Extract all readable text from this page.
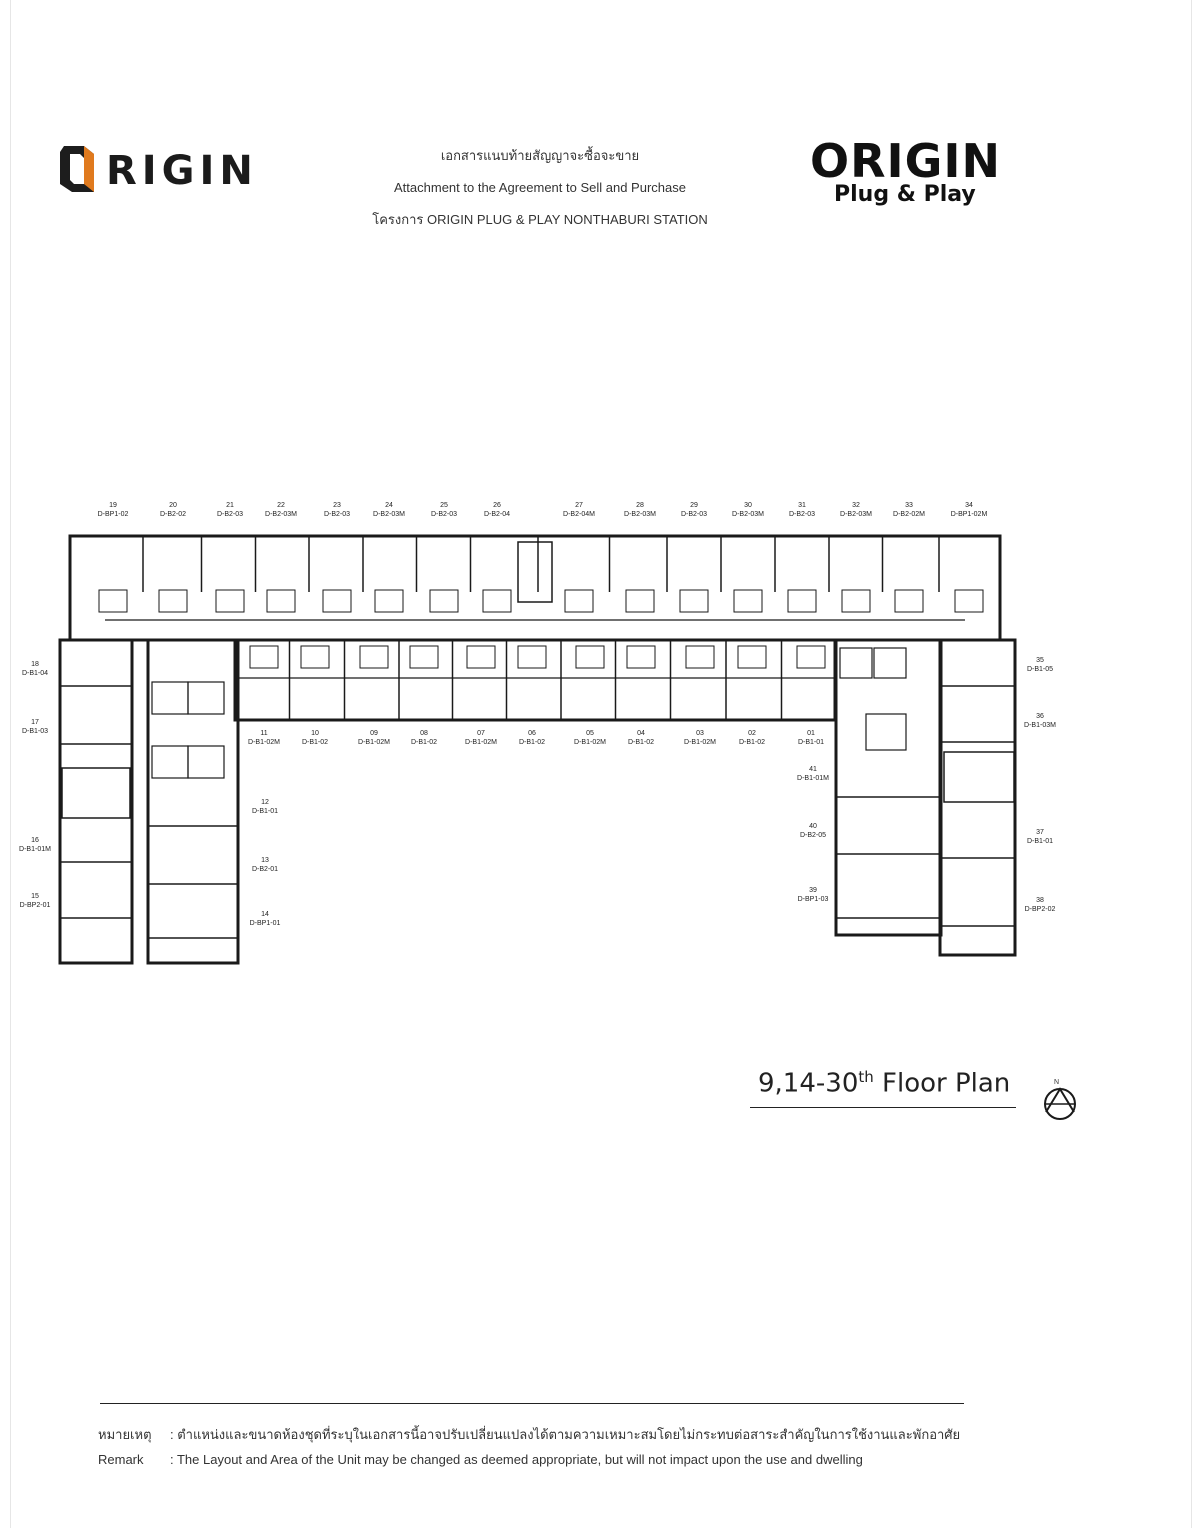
RIGIN	เอกสารแนบท้ายสัญญาจะซื้อจะขาย
Attachment to the Agreement to Sell and Purchase
โครงการ ORIGIN PLUG & PLAY NONTHABURI STATION
ORIGIN
Plug & Play
19
D-BP1-02
20
D-B2-02
21
D-B2-03
22
D-B2-03M
23
D-B2-03
24
D-B2-03M
25
D-B2-03
26
D-B2-04
27
D-B2-04M
28
D-B2-03M
29
D-B2-03
30
D-B2-03M
31
D-B2-03
32
D-B2-03M
33
D-B2-02M
34
D-BP1-02M
11
D-B1-02M
10
D-B1-02
09
D-B1-02M
08
D-B1-02
07
D-B1-02M
06
D-B1-02
05
D-B1-02M
04
D-B1-02
03
D-B1-02M
02
D-B1-02
01
D-B1-01
18
D-B1-04
17
D-B1-03
16
D-B1-01M
15
D-BP2-01
12
D-B1-01
13
D-B2-01
14
D-BP1-01
41
D-B1-01M
40
D-B2-05
39
D-BP1-03
35
D-B1-05
36
D-B1-03M
37
D-B1-01
38
D-BP2-02
9,14-30th Floor Plan	N
หมายเหตุ : ตำแหน่งและขนาดห้องชุดที่ระบุในเอกสารนี้อาจปรับเปลี่ยนแปลงได้ตามความเหมาะสมโดยไม่กระทบต่อสาระสำคัญในการใช้งานและพักอาศัย
Remark : The Layout and Area of the Unit may be changed as deemed appropriate, but will not impact upon the use and dwelling
